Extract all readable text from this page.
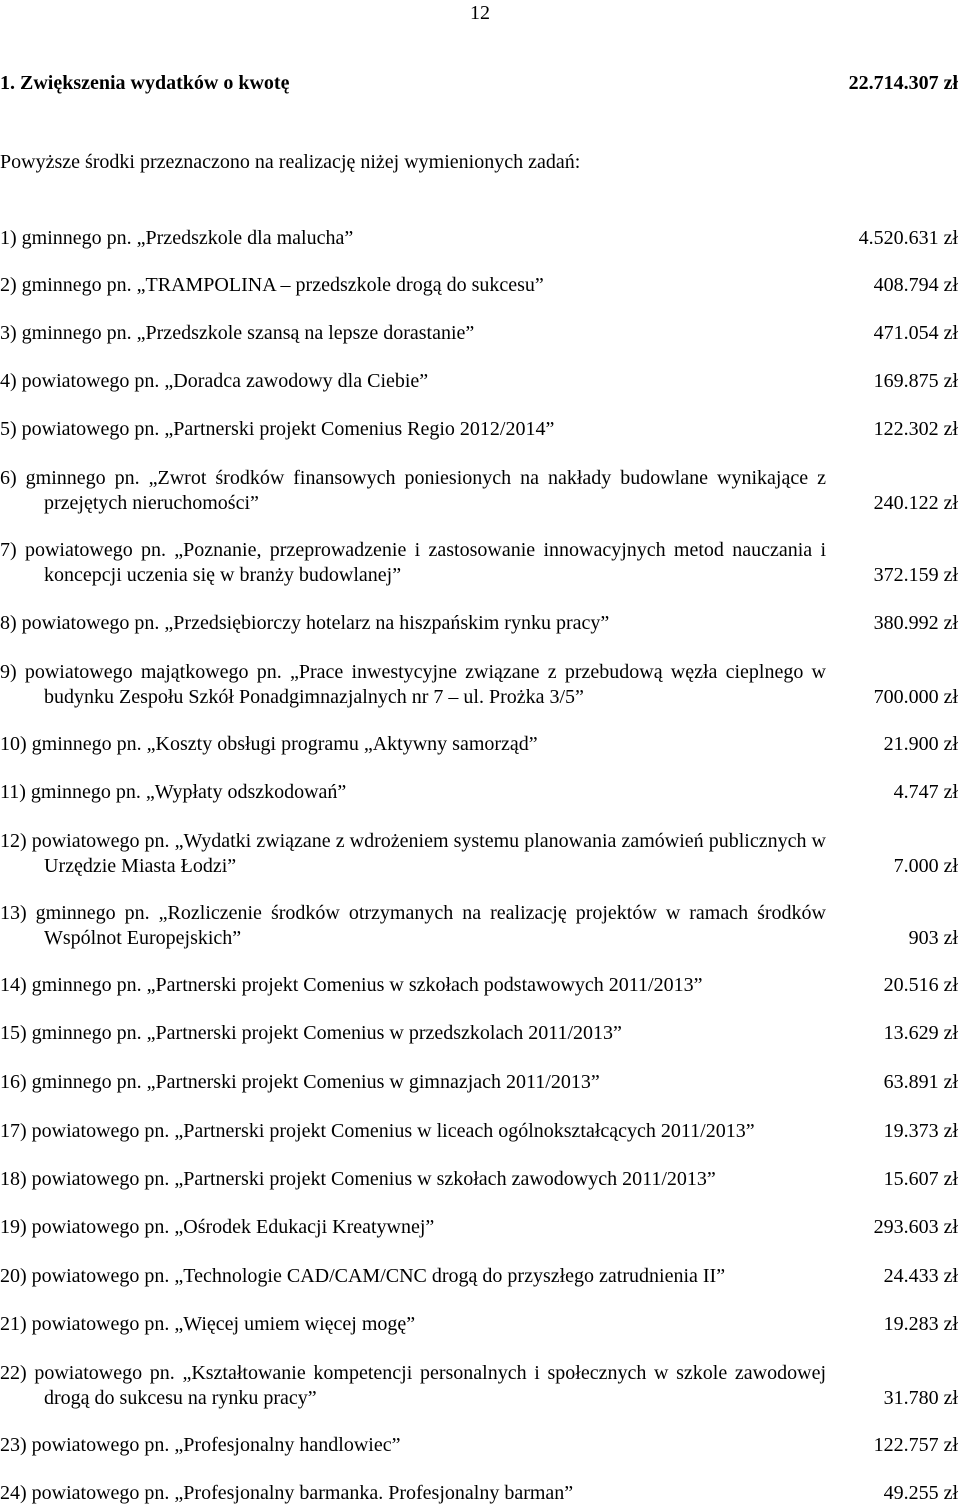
12
1. Zwiększenia wydatków o kwotę	22.714.307 zł
Powyższe środki przeznaczono na realizację niżej wymienionych zadań:
1) gminnego pn. „Przedszkole dla malucha”	4.520.631 zł
2) gminnego pn. „TRAMPOLINA – przedszkole drogą do sukcesu”	408.794 zł
3) gminnego pn. „Przedszkole szansą na lepsze dorastanie”	471.054 zł
4) powiatowego pn. „Doradca zawodowy dla Ciebie”	169.875 zł
5) powiatowego pn. „Partnerski projekt Comenius Regio 2012/2014”	122.302 zł
6) gminnego pn. „Zwrot środków finansowych poniesionych na nakłady budowlane wynikające z przejętych nieruchomości”	240.122 zł
7) powiatowego pn. „Poznanie, przeprowadzenie i zastosowanie innowacyjnych metod nauczania i koncepcji uczenia się w branży budowlanej”	372.159 zł
8) powiatowego pn. „Przedsiębiorczy hotelarz na hiszpańskim rynku pracy”	380.992 zł
9) powiatowego majątkowego pn. „Prace inwestycyjne związane z przebudową węzła cieplnego w budynku Zespołu Szkół Ponadgimnazjalnych nr 7 – ul. Prożka 3/5”	700.000 zł
10) gminnego pn. „Koszty obsługi programu „Aktywny samorząd”	21.900 zł
11) gminnego pn. „Wypłaty odszkodowań”	4.747 zł
12) powiatowego pn. „Wydatki związane z wdrożeniem systemu planowania zamówień publicznych w Urzędzie Miasta Łodzi”	7.000 zł
13) gminnego pn. „Rozliczenie środków otrzymanych na realizację projektów w ramach środków Wspólnot Europejskich”	903 zł
14) gminnego pn. „Partnerski projekt Comenius w szkołach podstawowych 2011/2013”	20.516 zł
15) gminnego pn. „Partnerski projekt Comenius w przedszkolach 2011/2013”	13.629 zł
16) gminnego pn. „Partnerski projekt Comenius w gimnazjach 2011/2013”	63.891 zł
17) powiatowego pn. „Partnerski projekt Comenius w liceach ogólnokształcących 2011/2013”	19.373 zł
18) powiatowego pn. „Partnerski projekt Comenius w szkołach zawodowych 2011/2013”	15.607 zł
19) powiatowego pn. „Ośrodek Edukacji Kreatywnej”	293.603 zł
20) powiatowego pn. „Technologie CAD/CAM/CNC drogą do przyszłego zatrudnienia II”	24.433 zł
21) powiatowego pn. „Więcej umiem więcej mogę”	19.283 zł
22) powiatowego pn. „Kształtowanie kompetencji personalnych i społecznych w szkole zawodowej drogą do sukcesu na rynku pracy”	31.780 zł
23) powiatowego pn. „Profesjonalny handlowiec”	122.757 zł
24) powiatowego pn. „Profesjonalny barmanka. Profesjonalny barman”	49.255 zł
